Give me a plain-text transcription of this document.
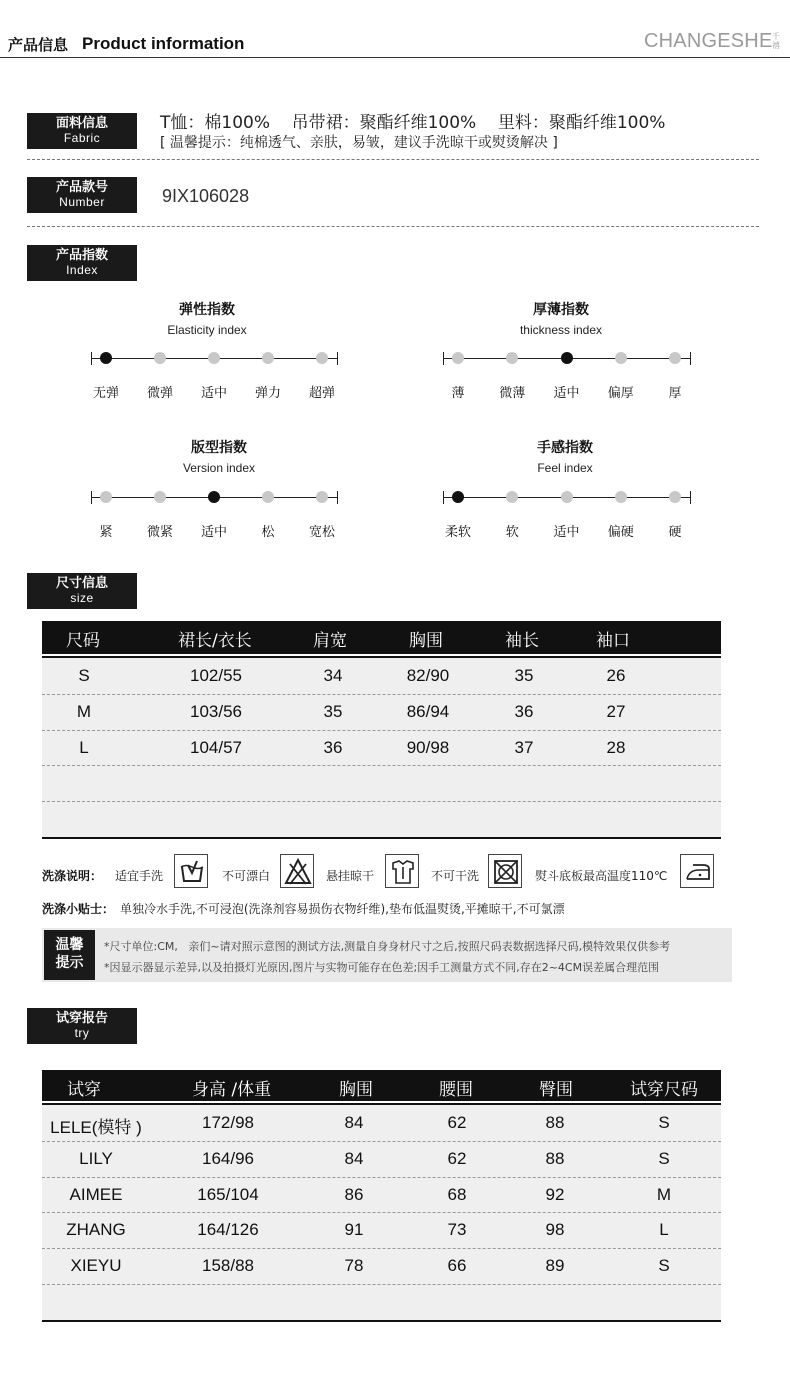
产品信息 Product information	CHANGESHE 千禧
面料信息
Fabric
T恤：棉100%    吊带裙：聚酯纤维100%    里料：聚酯纤维100%
[ 温馨提示：纯棉透气、亲肤，易皱，建议手洗晾干或熨烫解决 ]
产品款号
Number	9IX106028
产品指数
Index
弹性指数
Elasticity index
厚薄指数
thickness index
版型指数
Version index
手感指数
Feel index
尺寸信息
size
尺码	裙长/衣长	肩宽	胸围	袖长	袖口
S	102/55	34	82/90	35	26
M	103/56	35	86/94	36	27
L	104/57	36	90/98	37	28
洗涤说明： 适宜手洗	不可漂白	悬挂晾干	不可干洗	熨斗底板最高温度110℃
洗涤小贴士： 单独冷水手洗,不可浸泡(洗涤剂容易损伤衣物纤维),垫布低温熨烫,平摊晾干,不可氯漂
温馨
提示
*尺寸单位:CM,   亲们~请对照示意图的测试方法,测量自身身材尺寸之后,按照尺码表数据选择尺码,模特效果仅供参考
*因显示器显示差异,以及拍摄灯光原因,图片与实物可能存在色差;因手工测量方式不同,存在2~4CM误差属合理范围
试穿报告
try
试穿	身高 /体重	胸围	腰围	臀围	试穿尺码
LELE(模特 )	172/98	84	62	88	S
LILY	164/96	84	62	88	S
AIMEE	165/104	86	68	92	M
ZHANG	164/126	91	73	98	L
XIEYU	158/88	78	66	89	S
无弹	微弹	适中	弹力	超弹	薄	微薄	适中	偏厚	厚
紧	微紧	适中	松	宽松	柔软	软	适中	偏硬	硬
